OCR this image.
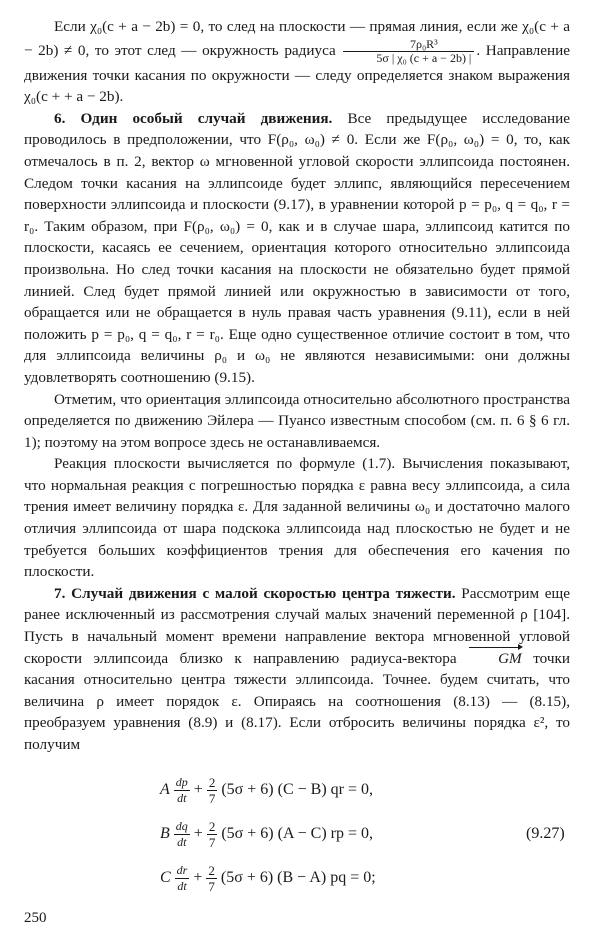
Если χ₀(c + a − 2b) = 0, то след на плоскости — прямая линия, если же χ₀(c + a − 2b) ≠ 0, то этот след — окружность радиуса $\frac{\text{7ρ₀R³}}{\text{5σ | χ₀ (c + a − 2b) |}}$ . Направление движения точки касания по окружности — следу определяется знаком выражения χ₀(c + + a − 2b).

6. Один особый случай движения. Все предыдущее исследование проводилось в предположении, что F(ρ₀, ω₀) ≠ 0. Если же F(ρ₀, ω₀) = 0, то, как отмечалось в п. 2, вектор ω мгновенной угловой скорости эллипсоида постоянен. Следом точки касания на эллипсоиде будет эллипс, являющийся пересечением поверхности эллипсоида и плоскости (9.17), в уравнении которой p = p₀, q = q₀, r = r₀. Таким образом, при F(ρ₀, ω₀) = 0, как и в случае шара, эллипсоид катится по плоскости, касаясь ее сечением, ориентация которого относительно эллипсоида произвольна. Но след точки касания на плоскости не обязательно будет прямой линией. След будет прямой линией или окружностью в зависимости от того, обращается или не обращается в нуль правая часть уравнения (9.11), если в ней положить p = p₀, q = q₀, r = r₀. Еще одно существенное отличие состоит в том, что для эллипсоида величины ρ₀ и ω₀ не являются независимыми: они должны удовлетворять соотношению (9.15).

Отметим, что ориентация эллипсоида относительно абсолютного пространства определяется по движению Эйлера — Пуансо известным способом (см. п. 6 § 6 гл. 1); поэтому на этом вопросе здесь не останавливаемся.

Реакция плоскости вычисляется по формуле (1.7). Вычисления показывают, что нормальная реакция с погрешностью порядка ε равна весу эллипсоида, а сила трения имеет величину порядка ε. Для заданной величины ω₀ и достаточно малого отличия эллипсоида от шара подскока эллипсоида над плоскостью не будет и не требуется больших коэффициентов трения для обеспечения его качения по плоскости.

7. Случай движения с малой скоростью центра тяжести. Рассмотрим еще ранее исключенный из рассмотрения случай малых значений переменной ρ [104]. Пусть в начальный момент времени направление вектора мгновенной угловой скорости эллипсоида близко к направлению радиуса-вектора	GM точки касания относительно центра тяжести эллипсоида. Точнее. будем считать, что величина ρ имеет порядок ε. Опираясь на соотношения (8.13) — (8.15), преобразуем уравнения (8.9) и (8.17). Если отбросить величины порядка ε², то получим

A $\frac{dp}{dt} + \frac{2}{7} (5\sigma + 6) (C - B)$ qr = 0,
B $\frac{dq}{dt} + \frac{2}{7} (5\sigma + 6) (A - C)$ rp = 0,	(9.27)
C $\frac{dr}{dt} + \frac{2}{7} (5\sigma + 6) (B - A)$ pq = 0;
250
